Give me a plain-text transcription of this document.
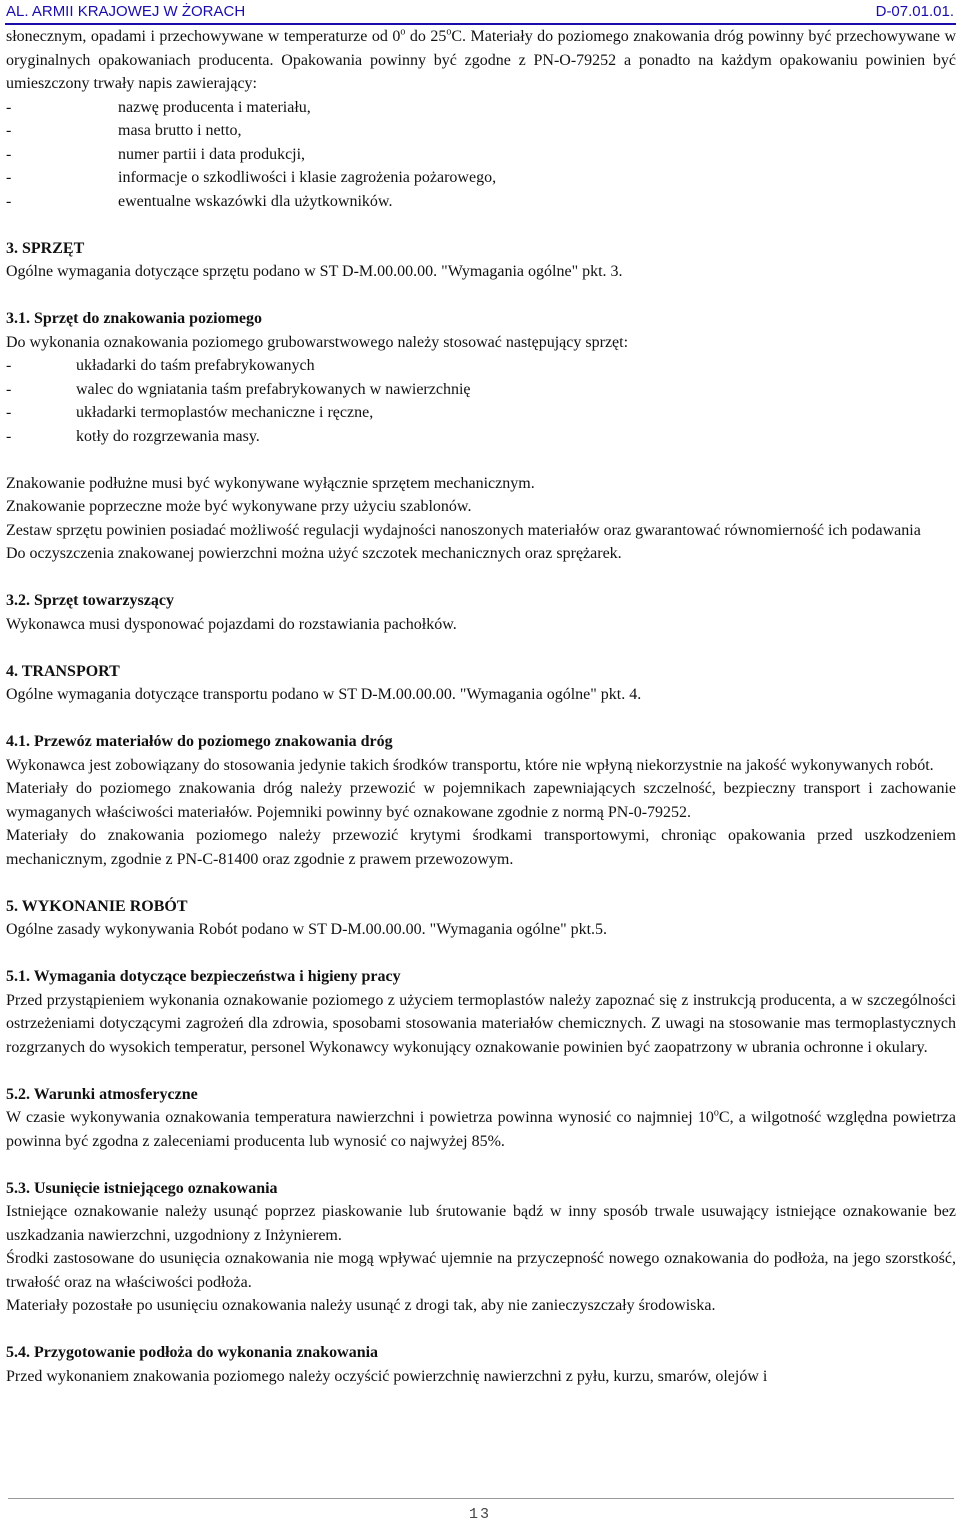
AL. ARMII KRAJOWEJ W ŻORACH	D-07.01.01.

słonecznym, opadami i przechowywane w temperaturze od 0$^o$ do 25$^o$C. Materiały do poziomego znakowania dróg powinny być przechowywane w oryginalnych opakowaniach producenta. Opakowania powinny być zgodne z PN-O-79252 a ponadto na każdym opakowaniu powinien być umieszczony trwały napis zawierający:

-	nazwę producenta i materiału,
-	masa brutto i netto,
-	numer partii i data produkcji,
-	informacje o szkodliwości i klasie zagrożenia pożarowego,
-	ewentualne wskazówki dla użytkowników.
3. SPRZĘT

Ogólne wymagania dotyczące sprzętu podano w ST D-M.00.00.00. "Wymagania ogólne" pkt. 3.

3.1. Sprzęt do znakowania poziomego

Do wykonania oznakowania poziomego grubowarstwowego należy stosować następujący sprzęt:

-	układarki do taśm prefabrykowanych
-	walec do wgniatania taśm prefabrykowanych w nawierzchnię
-	układarki termoplastów mechaniczne i ręczne,
-	kotły do rozgrzewania masy.

Znakowanie podłużne musi być wykonywane wyłącznie sprzętem mechanicznym.

Znakowanie poprzeczne może być wykonywane przy użyciu szablonów.

Zestaw sprzętu powinien posiadać możliwość regulacji wydajności nanoszonych materiałów oraz gwarantować równomierność ich podawania

Do oczyszczenia znakowanej powierzchni można użyć szczotek mechanicznych oraz sprężarek.

3.2. Sprzęt towarzyszący

Wykonawca musi dysponować pojazdami do rozstawiania pachołków.

4. TRANSPORT

Ogólne wymagania dotyczące transportu podano w ST D-M.00.00.00. "Wymagania ogólne" pkt. 4.

4.1. Przewóz materiałów do poziomego znakowania dróg

Wykonawca jest zobowiązany do stosowania jedynie takich środków transportu, które nie wpłyną niekorzystnie na jakość wykonywanych robót.

Materiały do poziomego znakowania dróg należy przewozić w pojemnikach zapewniających szczelność, bezpieczny transport i zachowanie wymaganych właściwości materiałów. Pojemniki powinny być oznakowane zgodnie z normą PN-0-79252.

Materiały do znakowania poziomego należy przewozić krytymi środkami transportowymi, chroniąc opakowania przed uszkodzeniem mechanicznym, zgodnie z PN-C-81400 oraz zgodnie z prawem przewozowym.

5. WYKONANIE ROBÓT

Ogólne zasady wykonywania Robót podano w ST D-M.00.00.00. "Wymagania ogólne" pkt.5.

5.1. Wymagania dotyczące bezpieczeństwa i higieny pracy

Przed przystąpieniem wykonania oznakowanie poziomego z użyciem termoplastów należy zapoznać się z instrukcją producenta, a w szczególności ostrzeżeniami dotyczącymi zagrożeń dla zdrowia, sposobami stosowania materiałów chemicznych. Z uwagi na stosowanie mas termoplastycznych rozgrzanych do wysokich temperatur, personel Wykonawcy wykonujący oznakowanie powinien być zaopatrzony w ubrania ochronne i okulary.

5.2. Warunki atmosferyczne

W czasie wykonywania oznakowania temperatura nawierzchni i powietrza powinna wynosić co najmniej 10$^o$C, a wilgotność względna powietrza powinna być zgodna z zaleceniami producenta lub wynosić co najwyżej 85%.

5.3. Usunięcie istniejącego oznakowania

Istniejące oznakowanie należy usunąć poprzez piaskowanie lub śrutowanie bądź w inny sposób trwale usuwający istniejące oznakowanie bez uszkadzania nawierzchni, uzgodniony z Inżynierem.

Środki zastosowane do usunięcia oznakowania nie mogą wpływać ujemnie na przyczepność nowego oznakowania do podłoża, na jego szorstkość, trwałość oraz na właściwości podłoża.

Materiały pozostałe po usunięciu oznakowania należy usunąć z drogi tak, aby nie zanieczyszczały środowiska.

5.4. Przygotowanie podłoża do wykonania znakowania

Przed wykonaniem znakowania poziomego należy oczyścić powierzchnię nawierzchni z pyłu, kurzu, smarów, olejów i

13
